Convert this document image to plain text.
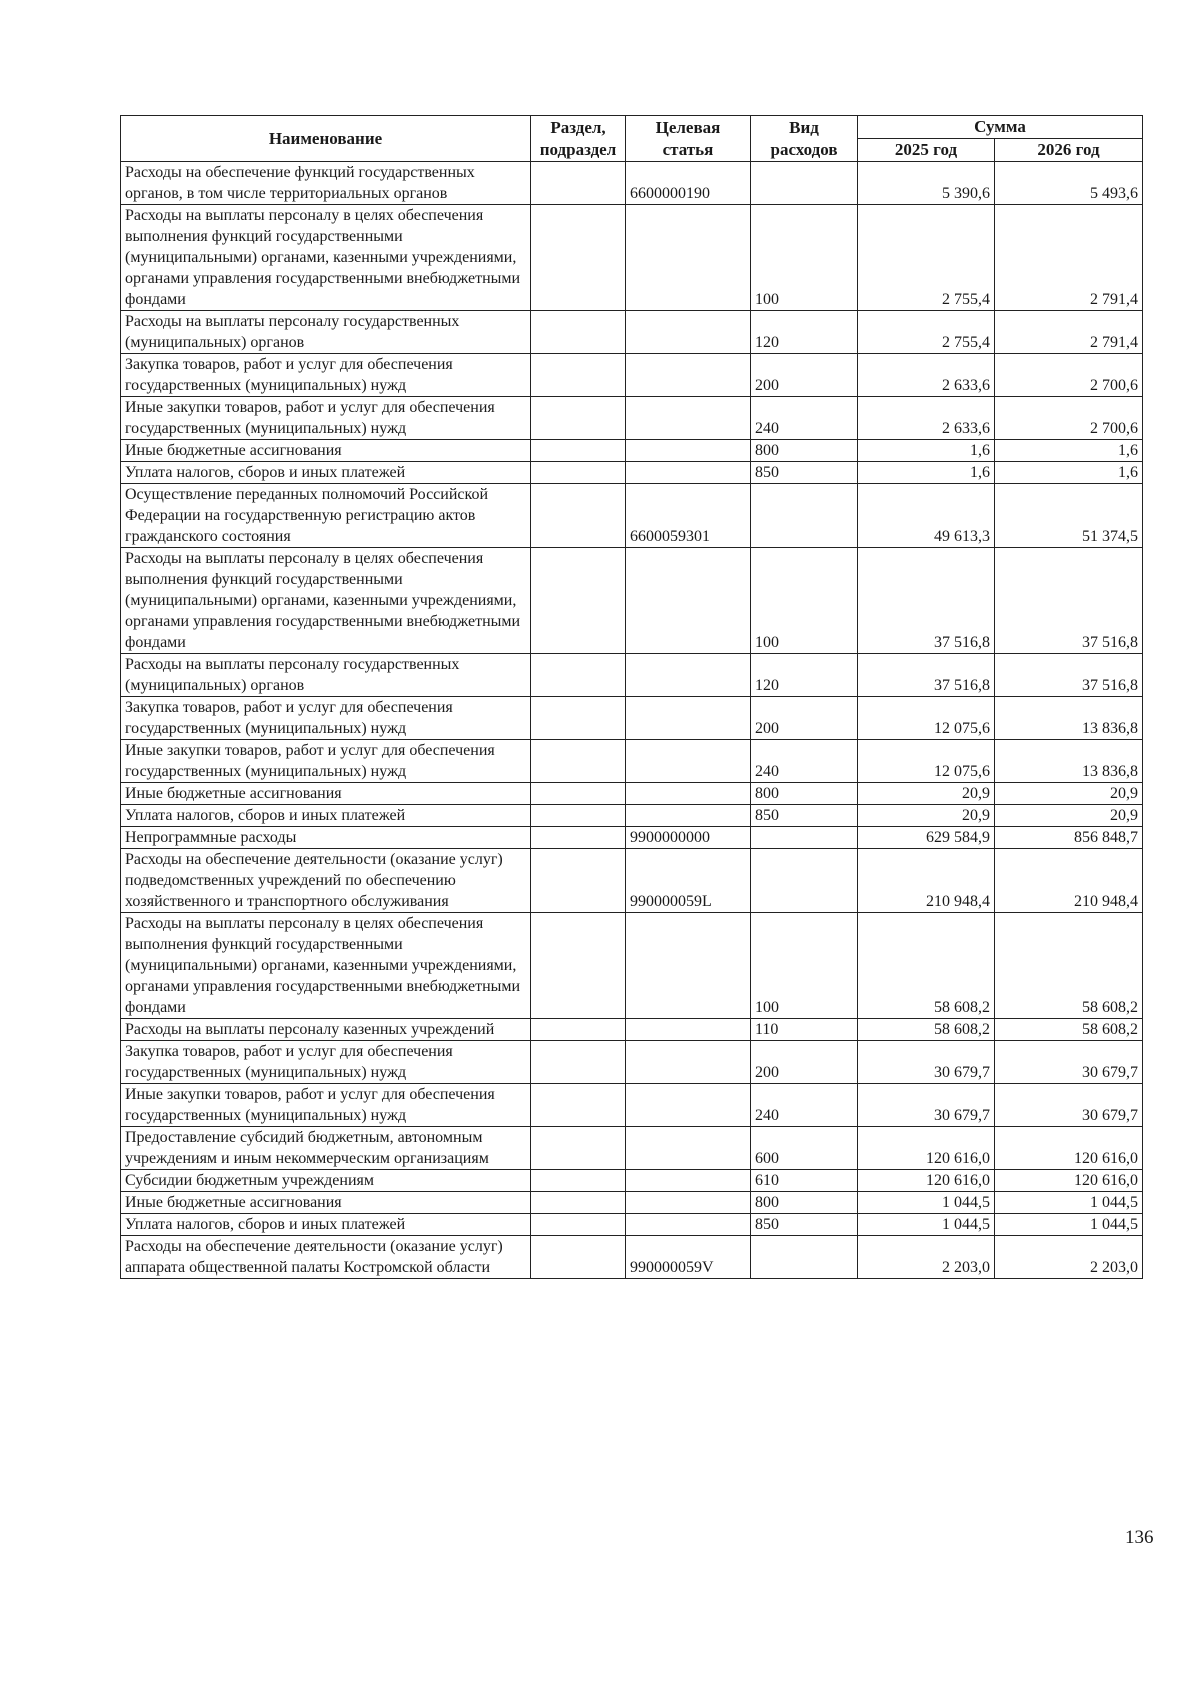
Наименование	Раздел, подраздел	Целевая статья	Вид расходов	Сумма	
				2025 год	2026 год
Расходы на обеспечение функций государственных органов, в том числе территориальных органов		6600000190		5 390,6	5 493,6
Расходы на выплаты персоналу в целях обеспечения выполнения функций государственными (муниципальными) органами, казенными учреждениями, органами управления государственными внебюджетными фондами			100	2 755,4	2 791,4
Расходы на выплаты персоналу государственных (муниципальных) органов			120	2 755,4	2 791,4
Закупка товаров, работ и услуг для обеспечения государственных (муниципальных) нужд			200	2 633,6	2 700,6
Иные закупки товаров, работ и услуг для обеспечения государственных (муниципальных) нужд			240	2 633,6	2 700,6
Иные бюджетные ассигнования			800	1,6	1,6
Уплата налогов, сборов и иных платежей			850	1,6	1,6
Осуществление переданных полномочий Российской Федерации на государственную регистрацию актов гражданского состояния		6600059301		49 613,3	51 374,5
Расходы на выплаты персоналу в целях обеспечения выполнения функций государственными (муниципальными) органами, казенными учреждениями, органами управления государственными внебюджетными фондами			100	37 516,8	37 516,8
Расходы на выплаты персоналу государственных (муниципальных) органов			120	37 516,8	37 516,8
Закупка товаров, работ и услуг для обеспечения государственных (муниципальных) нужд			200	12 075,6	13 836,8
Иные закупки товаров, работ и услуг для обеспечения государственных (муниципальных) нужд			240	12 075,6	13 836,8
Иные бюджетные ассигнования			800	20,9	20,9
Уплата налогов, сборов и иных платежей			850	20,9	20,9
Непрограммные расходы		9900000000		629 584,9	856 848,7
Расходы на обеспечение деятельности (оказание услуг) подведомственных учреждений по обеспечению хозяйственного и транспортного обслуживания		990000059L		210 948,4	210 948,4
Расходы на выплаты персоналу в целях обеспечения выполнения функций государственными (муниципальными) органами, казенными учреждениями, органами управления государственными внебюджетными фондами			100	58 608,2	58 608,2
Расходы на выплаты персоналу казенных учреждений			110	58 608,2	58 608,2
Закупка товаров, работ и услуг для обеспечения государственных (муниципальных) нужд			200	30 679,7	30 679,7
Иные закупки товаров, работ и услуг для обеспечения государственных (муниципальных) нужд			240	30 679,7	30 679,7
Предоставление субсидий бюджетным, автономным учреждениям и иным некоммерческим организациям			600	120 616,0	120 616,0
Субсидии бюджетным учреждениям			610	120 616,0	120 616,0
Иные бюджетные ассигнования			800	1 044,5	1 044,5
Уплата налогов, сборов и иных платежей			850	1 044,5	1 044,5
Расходы на обеспечение деятельности (оказание услуг) аппарата общественной палаты Костромской области		990000059V		2 203,0	2 203,0
136
